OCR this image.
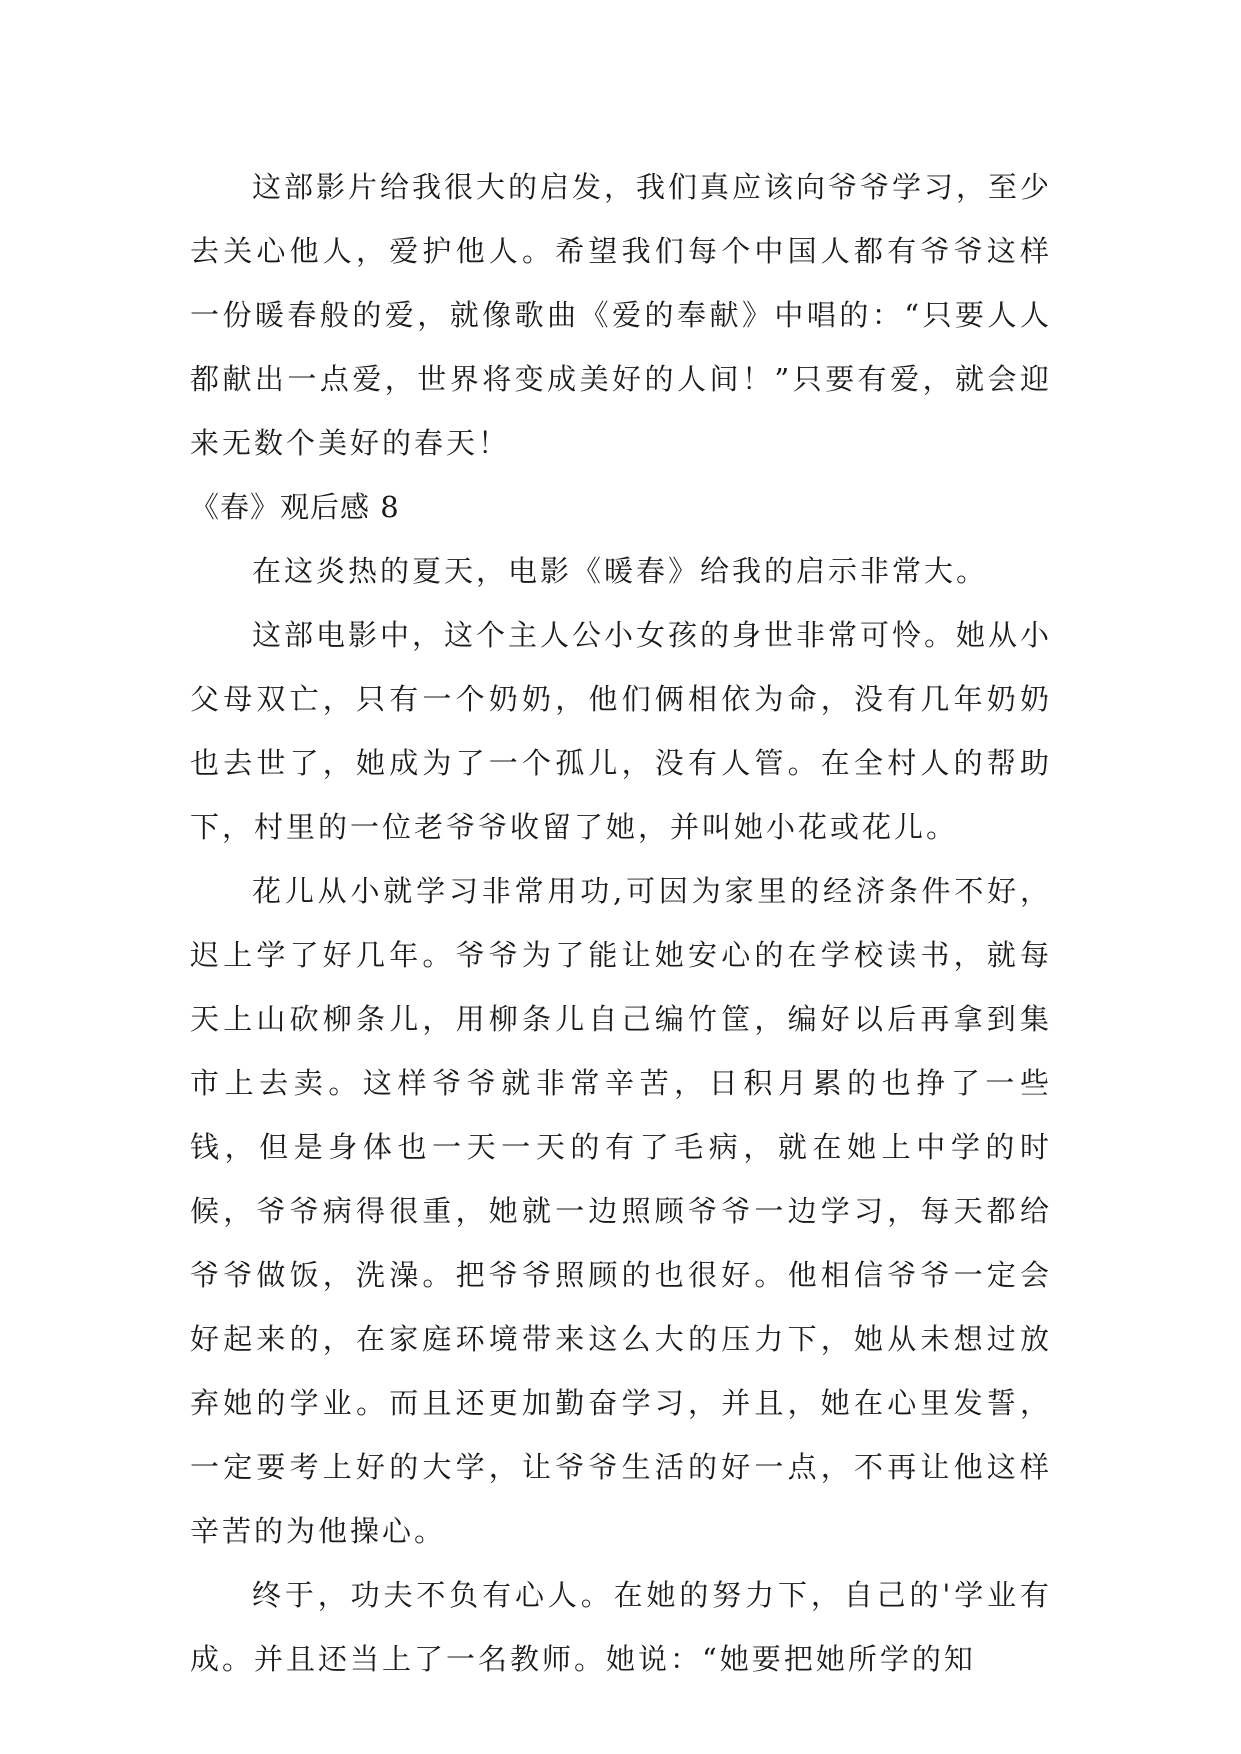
这部影片给我很大的启发，我们真应该向爷爷学习，至少去关心他人，爱护他人。希望我们每个中国人都有爷爷这样一份暖春般的爱，就像歌曲《爱的奉献》中唱的：“只要人人都献出一点爱，世界将变成美好的人间！”只要有爱，就会迎来无数个美好的春天！

《春》观后感 8

在这炎热的夏天，电影《暖春》给我的启示非常大。

这部电影中，这个主人公小女孩的身世非常可怜。她从小父母双亡，只有一个奶奶，他们俩相依为命，没有几年奶奶也去世了，她成为了一个孤儿，没有人管。在全村人的帮助下，村里的一位老爷爷收留了她，并叫她小花或花儿。

花儿从小就学习非常用功,可因为家里的经济条件不好，迟上学了好几年。爷爷为了能让她安心的在学校读书，就每天上山砍柳条儿，用柳条儿自己编竹筐，编好以后再拿到集市上去卖。这样爷爷就非常辛苦，日积月累的也挣了一些钱，但是身体也一天一天的有了毛病，就在她上中学的时候，爷爷病得很重，她就一边照顾爷爷一边学习，每天都给爷爷做饭，洗澡。把爷爷照顾的也很好。他相信爷爷一定会好起来的，在家庭环境带来这么大的压力下，她从未想过放弃她的学业。而且还更加勤奋学习，并且，她在心里发誓，一定要考上好的大学，让爷爷生活的好一点，不再让他这样辛苦的为他操心。

终于，功夫不负有心人。在她的努力下，自己的'学业有成。并且还当上了一名教师。她说：“她要把她所学的知
